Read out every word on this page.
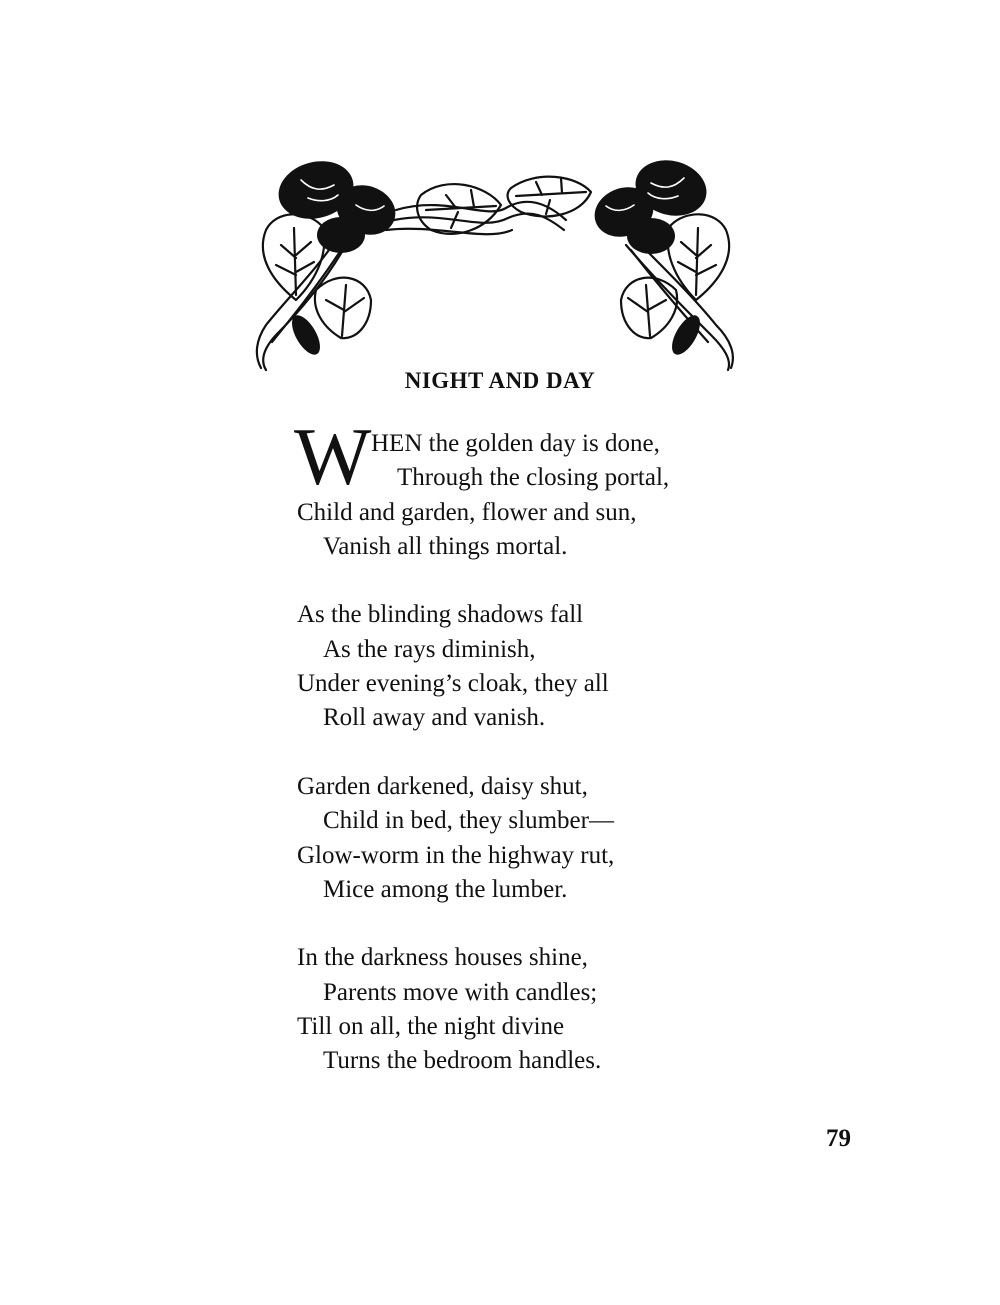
NIGHT AND DAY
W HEN the golden day is done,
Through the closing portal,
Child and garden, flower and sun,
Vanish all things mortal.
As the blinding shadows fall
As the rays diminish,
Under evening’s cloak, they all
Roll away and vanish.
Garden darkened, daisy shut,
Child in bed, they slumber—
Glow-worm in the highway rut,
Mice among the lumber.
In the darkness houses shine,
Parents move with candles;
Till on all, the night divine
Turns the bedroom handles.
79
